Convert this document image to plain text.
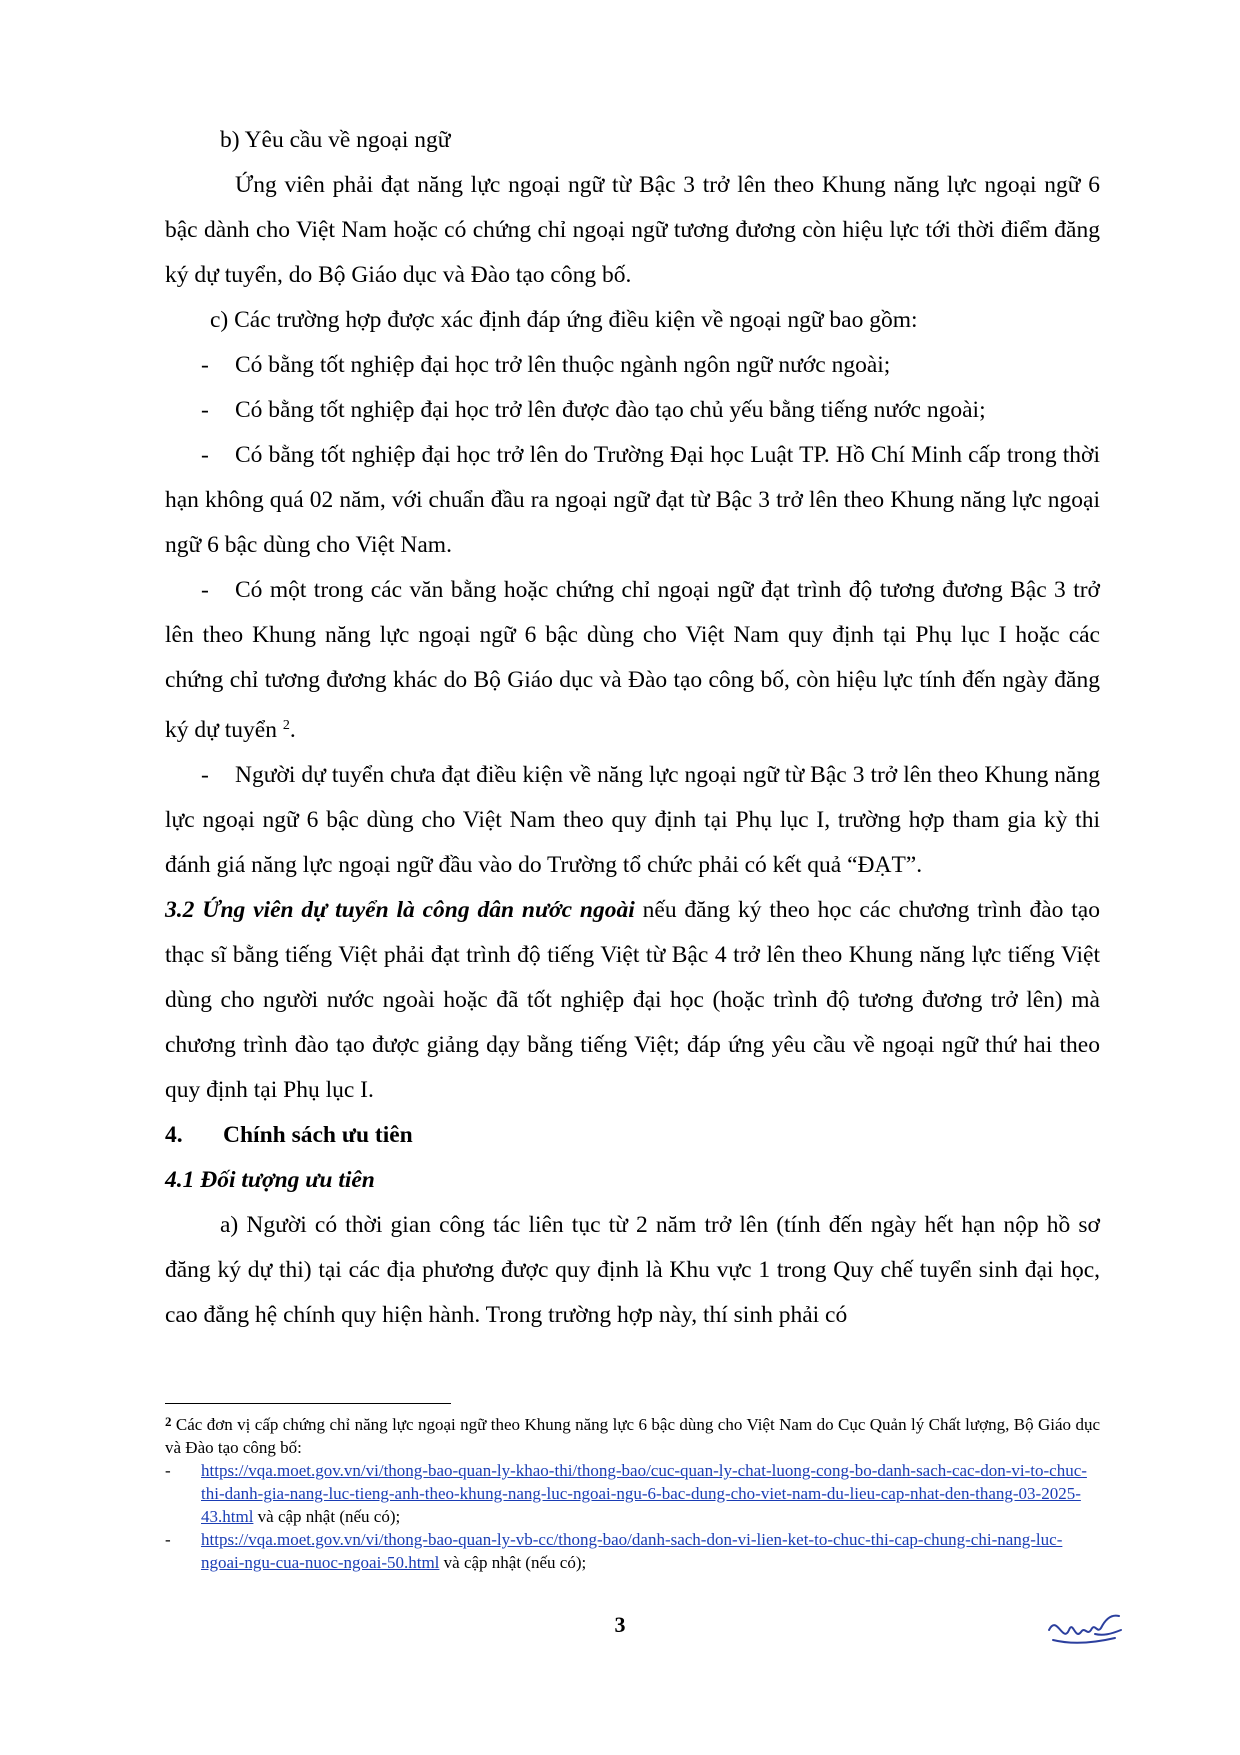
b) Yêu cầu về ngoại ngữ

Ứng viên phải đạt năng lực ngoại ngữ từ Bậc 3 trở lên theo Khung năng lực ngoại ngữ 6 bậc dành cho Việt Nam hoặc có chứng chỉ ngoại ngữ tương đương còn hiệu lực tới thời điểm đăng ký dự tuyển, do Bộ Giáo dục và Đào tạo công bố.

c) Các trường hợp được xác định đáp ứng điều kiện về ngoại ngữ bao gồm:

- Có bằng tốt nghiệp đại học trở lên thuộc ngành ngôn ngữ nước ngoài;

- Có bằng tốt nghiệp đại học trở lên được đào tạo chủ yếu bằng tiếng nước ngoài;

- Có bằng tốt nghiệp đại học trở lên do Trường Đại học Luật TP. Hồ Chí Minh cấp trong thời hạn không quá 02 năm, với chuẩn đầu ra ngoại ngữ đạt từ Bậc 3 trở lên theo Khung năng lực ngoại ngữ 6 bậc dùng cho Việt Nam.

- Có một trong các văn bằng hoặc chứng chỉ ngoại ngữ đạt trình độ tương đương Bậc 3 trở lên theo Khung năng lực ngoại ngữ 6 bậc dùng cho Việt Nam quy định tại Phụ lục I hoặc các chứng chỉ tương đương khác do Bộ Giáo dục và Đào tạo công bố, còn hiệu lực tính đến ngày đăng ký dự tuyển $^2$.

- Người dự tuyển chưa đạt điều kiện về năng lực ngoại ngữ từ Bậc 3 trở lên theo Khung năng lực ngoại ngữ 6 bậc dùng cho Việt Nam theo quy định tại Phụ lục I, trường hợp tham gia kỳ thi đánh giá năng lực ngoại ngữ đầu vào do Trường tổ chức phải có kết quả “ĐẠT”.

3.2 Ứng viên dự tuyển là công dân nước ngoài nếu đăng ký theo học các chương trình đào tạo thạc sĩ bằng tiếng Việt phải đạt trình độ tiếng Việt từ Bậc 4 trở lên theo Khung năng lực tiếng Việt dùng cho người nước ngoài hoặc đã tốt nghiệp đại học (hoặc trình độ tương đương trở lên) mà chương trình đào tạo được giảng dạy bằng tiếng Việt; đáp ứng yêu cầu về ngoại ngữ thứ hai theo quy định tại Phụ lục I.

4. Chính sách ưu tiên

4.1 Đối tượng ưu tiên

a) Người có thời gian công tác liên tục từ 2 năm trở lên (tính đến ngày hết hạn nộp hồ sơ đăng ký dự thi) tại các địa phương được quy định là Khu vực 1 trong Quy chế tuyển sinh đại học, cao đẳng hệ chính quy hiện hành. Trong trường hợp này, thí sinh phải có

$^2$ Các đơn vị cấp chứng chỉ năng lực ngoại ngữ theo Khung năng lực 6 bậc dùng cho Việt Nam do Cục Quản lý Chất lượng, Bộ Giáo dục và Đào tạo công bố:

-	https://vqa.moet.gov.vn/vi/thong-bao-quan-ly-khao-thi/thong-bao/cuc-quan-ly-chat-luong-cong-bo-danh-sach-cac-don-vi-to-chuc-thi-danh-gia-nang-luc-tieng-anh-theo-khung-nang-luc-ngoai-ngu-6-bac-dung-cho-viet-nam-du-lieu-cap-nhat-den-thang-03-2025-43.html và cập nhật (nếu có);
-	https://vqa.moet.gov.vn/vi/thong-bao-quan-ly-vb-cc/thong-bao/danh-sach-don-vi-lien-ket-to-chuc-thi-cap-chung-chi-nang-luc-ngoai-ngu-cua-nuoc-ngoai-50.html và cập nhật (nếu có);
3
